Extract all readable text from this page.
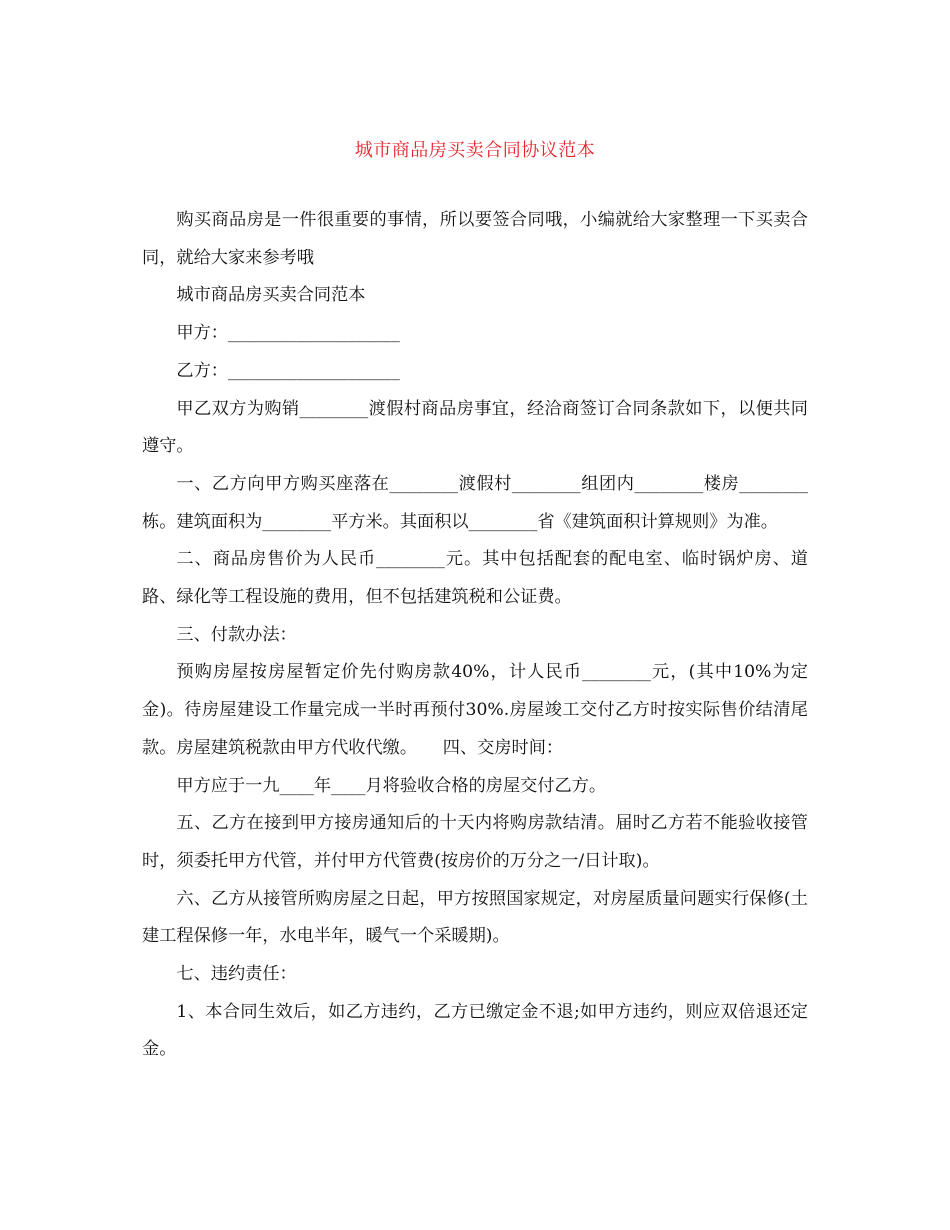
城市商品房买卖合同协议范本

购买商品房是一件很重要的事情，所以要签合同哦，小编就给大家整理一下买卖合同，就给大家来参考哦

城市商品房买卖合同范本

甲方：____________________

乙方：____________________

甲乙双方为购销________渡假村商品房事宜，经洽商签订合同条款如下，以便共同遵守。

一、乙方向甲方购买座落在________渡假村________组团内________楼房________栋。建筑面积为________平方米。其面积以________省《建筑面积计算规则》为准。

二、商品房售价为人民币________元。其中包括配套的配电室、临时锅炉房、道路、绿化等工程设施的费用，但不包括建筑税和公证费。

三、付款办法：

预购房屋按房屋暂定价先付购房款40%，计人民币________元，(其中10%为定金)。待房屋建设工作量完成一半时再预付30%.房屋竣工交付乙方时按实际售价结清尾款。房屋建筑税款由甲方代收代缴。　　四、交房时间：

甲方应于一九____年____月将验收合格的房屋交付乙方。

五、乙方在接到甲方接房通知后的十天内将购房款结清。届时乙方若不能验收接管时，须委托甲方代管，并付甲方代管费(按房价的万分之一/日计取)。

六、乙方从接管所购房屋之日起，甲方按照国家规定，对房屋质量问题实行保修(土建工程保修一年，水电半年，暖气一个采暖期)。

七、违约责任：

1、本合同生效后，如乙方违约，乙方已缴定金不退;如甲方违约，则应双倍退还定金。
